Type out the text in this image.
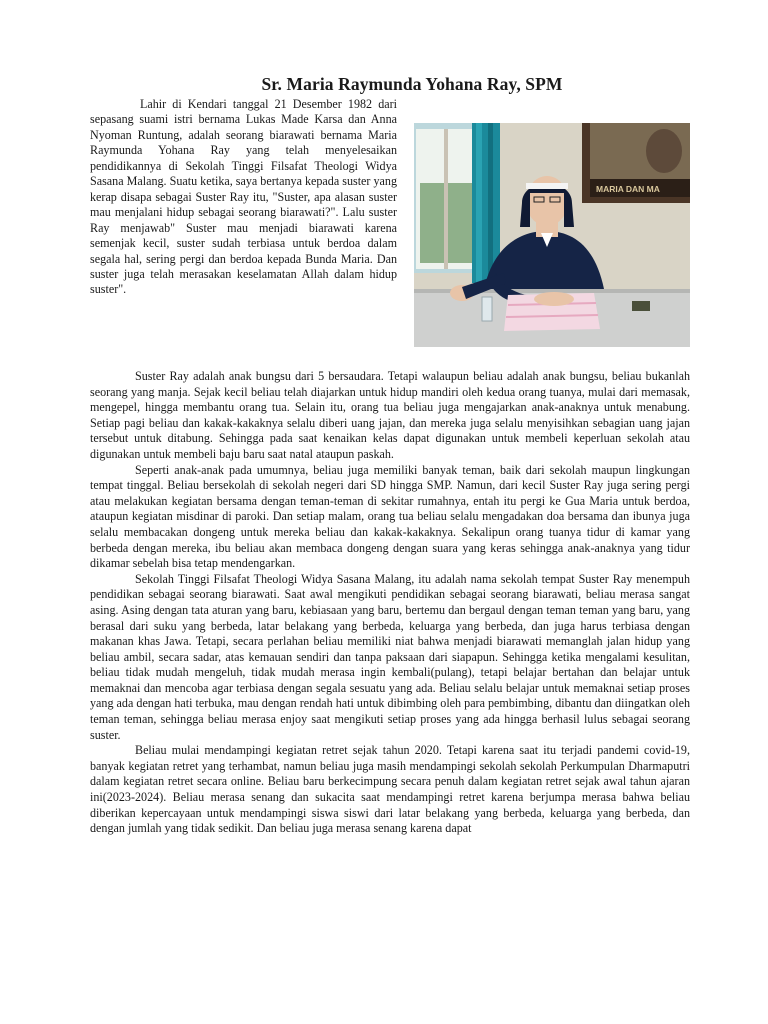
Sr. Maria Raymunda Yohana Ray, SPM
MARIA DAN MA

Lahir di Kendari tanggal 21 Desember 1982 dari sepasang suami istri bernama Lukas Made Karsa dan Anna Nyoman Runtung, adalah seorang biarawati bernama Maria Raymunda Yohana Ray yang telah menyelesaikan pendidikannya di Sekolah Tinggi Filsafat Theologi Widya Sasana Malang. Suatu ketika, saya bertanya kepada suster yang kerap disapa sebagai Suster Ray itu, "Suster, apa alasan suster mau menjalani hidup sebagai seorang biarawati?". Lalu suster Ray menjawab" Suster mau menjadi biarawati karena semenjak kecil, suster sudah terbiasa untuk berdoa dalam segala hal, sering pergi dan berdoa kepada Bunda Maria. Dan suster juga telah merasakan keselamatan Allah dalam hidup suster".

Suster Ray adalah anak bungsu dari 5 bersaudara. Tetapi walaupun beliau adalah anak bungsu, beliau bukanlah seorang yang manja. Sejak kecil beliau telah diajarkan untuk hidup mandiri oleh kedua orang tuanya, mulai dari memasak, mengepel, hingga membantu orang tua. Selain itu, orang tua beliau juga mengajarkan anak-anaknya untuk menabung. Setiap pagi beliau dan kakak-kakaknya selalu diberi uang jajan, dan mereka juga selalu menyisihkan sebagian uang jajan tersebut untuk ditabung. Sehingga pada saat kenaikan kelas dapat digunakan untuk membeli keperluan sekolah atau digunakan untuk membeli baju baru saat natal ataupun paskah.

Seperti anak-anak pada umumnya, beliau juga memiliki banyak teman, baik dari sekolah maupun lingkungan tempat tinggal. Beliau bersekolah di sekolah negeri dari SD hingga SMP. Namun, dari kecil Suster Ray juga sering pergi atau melakukan kegiatan bersama dengan teman-teman di sekitar rumahnya, entah itu pergi ke Gua Maria untuk berdoa, ataupun kegiatan misdinar di paroki. Dan setiap malam, orang tua beliau selalu mengadakan doa bersama dan ibunya juga selalu membacakan dongeng untuk mereka beliau dan kakak-kakaknya. Sekalipun orang tuanya tidur di kamar yang berbeda dengan mereka, ibu beliau akan membaca dongeng dengan suara yang keras sehingga anak-anaknya yang tidur dikamar sebelah bisa tetap mendengarkan.

Sekolah Tinggi Filsafat Theologi Widya Sasana Malang, itu adalah nama sekolah tempat Suster Ray menempuh pendidikan sebagai seorang biarawati. Saat awal mengikuti pendidikan sebagai seorang biarawati, beliau merasa sangat asing. Asing dengan tata aturan yang baru, kebiasaan yang baru, bertemu dan bergaul dengan teman teman yang baru, yang berasal dari suku yang berbeda, latar belakang yang berbeda, keluarga yang berbeda, dan juga harus terbiasa dengan makanan khas Jawa. Tetapi, secara perlahan beliau memiliki niat bahwa menjadi biarawati memanglah jalan hidup yang beliau ambil, secara sadar, atas kemauan sendiri dan tanpa paksaan dari siapapun. Sehingga ketika mengalami kesulitan, beliau tidak mudah mengeluh, tidak mudah merasa ingin kembali(pulang), tetapi belajar bertahan dan belajar untuk memaknai dan mencoba agar terbiasa dengan segala sesuatu yang ada. Beliau selalu belajar untuk memaknai setiap proses yang ada dengan hati terbuka, mau dengan rendah hati untuk dibimbing oleh para pembimbing, dibantu dan diingatkan oleh teman teman, sehingga beliau merasa enjoy saat mengikuti setiap proses yang ada hingga berhasil lulus sebagai seorang suster.

Beliau mulai mendampingi kegiatan retret sejak tahun 2020. Tetapi karena saat itu terjadi pandemi covid-19, banyak kegiatan retret yang terhambat, namun beliau juga masih mendampingi sekolah sekolah Perkumpulan Dharmaputri dalam kegiatan retret secara online. Beliau baru berkecimpung secara penuh dalam kegiatan retret sejak awal tahun ajaran ini(2023-2024). Beliau merasa senang dan sukacita saat mendampingi retret karena berjumpa merasa bahwa beliau diberikan kepercayaan untuk mendampingi siswa siswi dari latar belakang yang berbeda, keluarga yang berbeda, dan dengan jumlah yang tidak sedikit. Dan beliau juga merasa senang karena dapat
